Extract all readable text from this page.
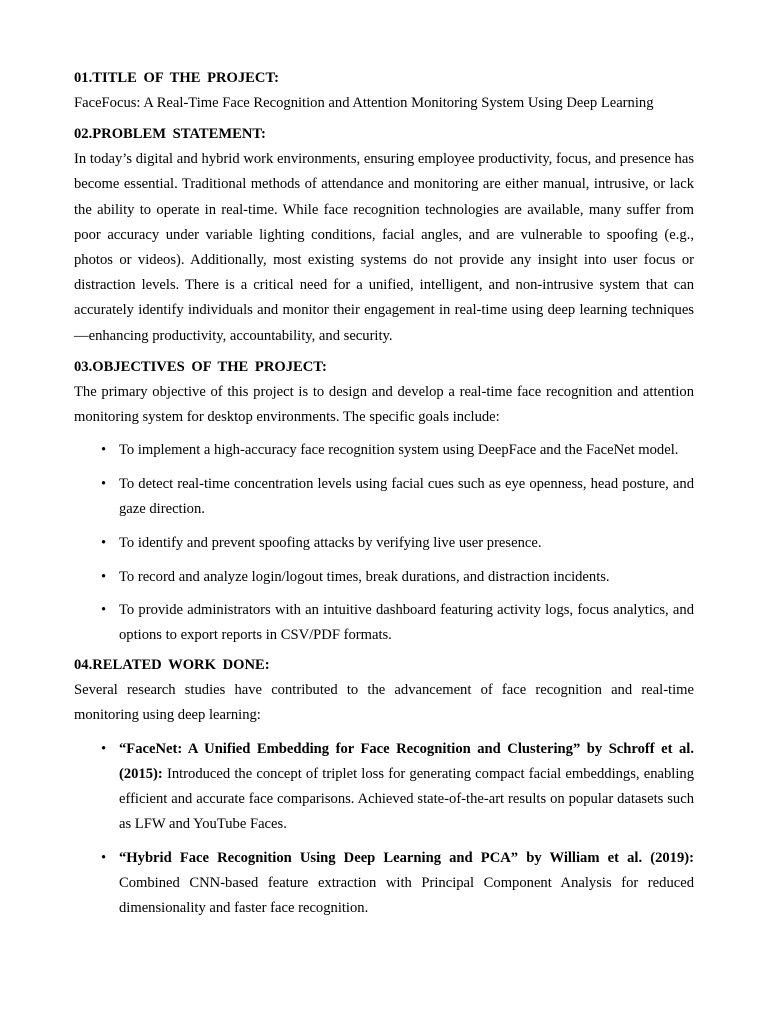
01.TITLE OF THE PROJECT:

FaceFocus: A Real-Time Face Recognition and Attention Monitoring System Using Deep Learning

02.PROBLEM STATEMENT:

In today’s digital and hybrid work environments, ensuring employee productivity, focus, and presence has become essential. Traditional methods of attendance and monitoring are either manual, intrusive, or lack the ability to operate in real-time. While face recognition technologies are available, many suffer from poor accuracy under variable lighting conditions, facial angles, and are vulnerable to spoofing (e.g., photos or videos). Additionally, most existing systems do not provide any insight into user focus or distraction levels. There is a critical need for a unified, intelligent, and non-intrusive system that can accurately identify individuals and monitor their engagement in real-time using deep learning techniques—enhancing productivity, accountability, and security.

03.OBJECTIVES OF THE PROJECT:

The primary objective of this project is to design and develop a real-time face recognition and attention monitoring system for desktop environments. The specific goals include:

• To implement a high-accuracy face recognition system using DeepFace and the FaceNet model.
• To detect real-time concentration levels using facial cues such as eye openness, head posture, and gaze direction.
• To identify and prevent spoofing attacks by verifying live user presence.
• To record and analyze login/logout times, break durations, and distraction incidents.
• To provide administrators with an intuitive dashboard featuring activity logs, focus analytics, and options to export reports in CSV/PDF formats.
04.RELATED WORK DONE:

Several research studies have contributed to the advancement of face recognition and real-time monitoring using deep learning:

• “FaceNet: A Unified Embedding for Face Recognition and Clustering” by Schroff et al. (2015): Introduced the concept of triplet loss for generating compact facial embeddings, enabling efficient and accurate face comparisons. Achieved state-of-the-art results on popular datasets such as LFW and YouTube Faces.
• “Hybrid Face Recognition Using Deep Learning and PCA” by William et al. (2019): Combined CNN-based feature extraction with Principal Component Analysis for reduced dimensionality and faster face recognition.
